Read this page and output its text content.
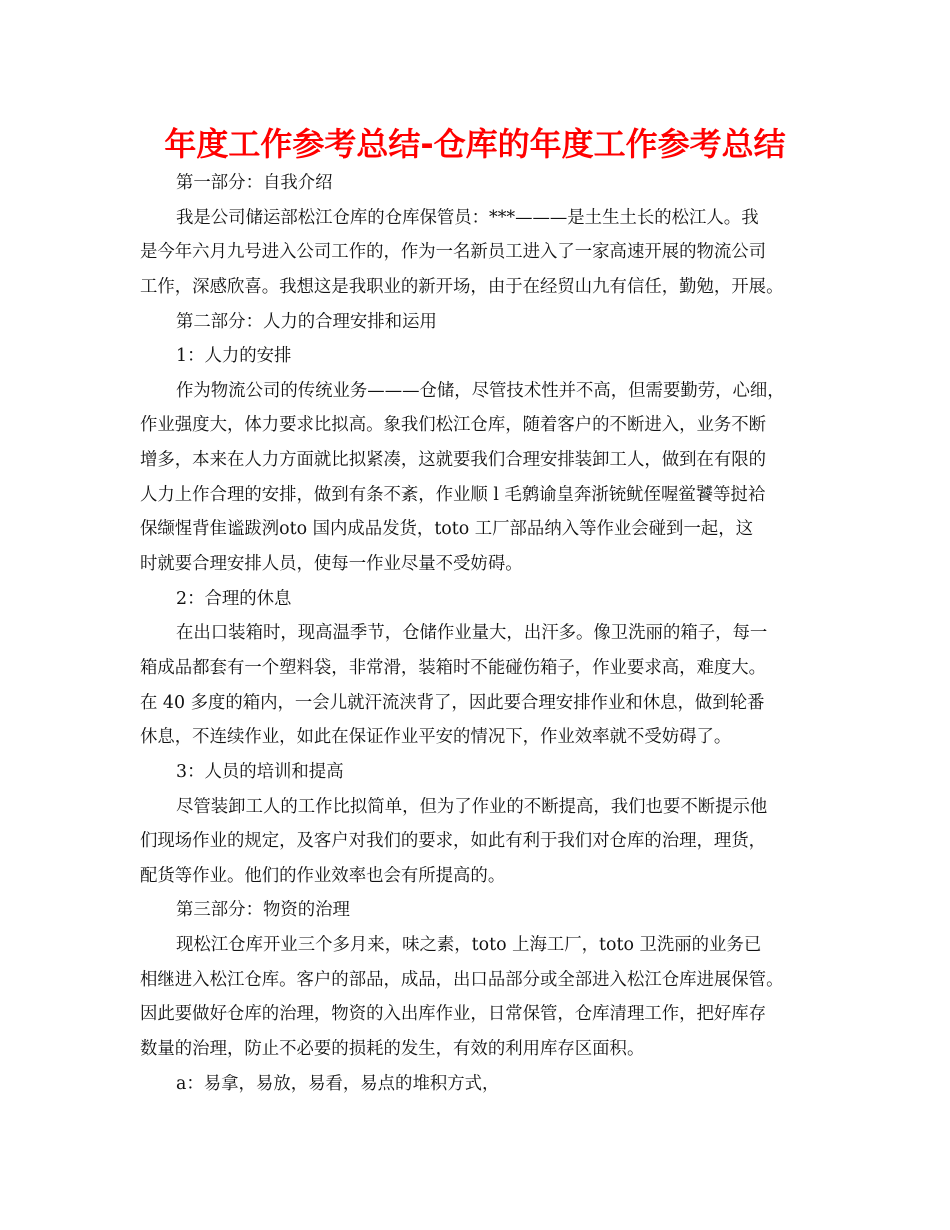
年度工作参考总结-仓库的年度工作参考总结
第一部分：自我介绍
我是公司储运部松江仓库的仓库保管员：***———是土生土长的松江人。我
是今年六月九号进入公司工作的，作为一名新员工进入了一家高速开展的物流公司
工作，深感欣喜。我想这是我职业的新开场，由于在经贸山九有信任，勤勉，开展。
第二部分：人力的合理安排和运用
1：人力的安排
作为物流公司的传统业务———仓储，尽管技术性并不高，但需要勤劳，心细，
作业强度大，体力要求比拟高。象我们松江仓库，随着客户的不断进入，业务不断
增多，本来在人力方面就比拟紧凑，这就要我们合理安排装卸工人，做到在有限的
人力上作合理的安排，做到有条不紊，作业顺 l 毛鹩谕皇奔浙铳鱿侄喔鲎饕等挝袷
保缬惺背隹谧跋洌oto 国内成品发货，toto 工厂部品纳入等作业会碰到一起，这
时就要合理安排人员，使每一作业尽量不受妨碍。
2：合理的休息
在出口装箱时，现高温季节，仓储作业量大，出汗多。像卫洗丽的箱子，每一
箱成品都套有一个塑料袋，非常滑，装箱时不能碰伤箱子，作业要求高，难度大。
在 40 多度的箱内，一会儿就汗流浃背了，因此要合理安排作业和休息，做到轮番
休息，不连续作业，如此在保证作业平安的情况下，作业效率就不受妨碍了。
3：人员的培训和提高
尽管装卸工人的工作比拟简单，但为了作业的不断提高，我们也要不断提示他
们现场作业的规定，及客户对我们的要求，如此有利于我们对仓库的治理，理货，
配货等作业。他们的作业效率也会有所提高的。
第三部分：物资的治理
现松江仓库开业三个多月来，味之素，toto 上海工厂，toto 卫洗丽的业务已
相继进入松江仓库。客户的部品，成品，出口品部分或全部进入松江仓库进展保管。
因此要做好仓库的治理，物资的入出库作业，日常保管，仓库清理工作，把好库存
数量的治理，防止不必要的损耗的发生，有效的利用库存区面积。
a：易拿，易放，易看，易点的堆积方式，
